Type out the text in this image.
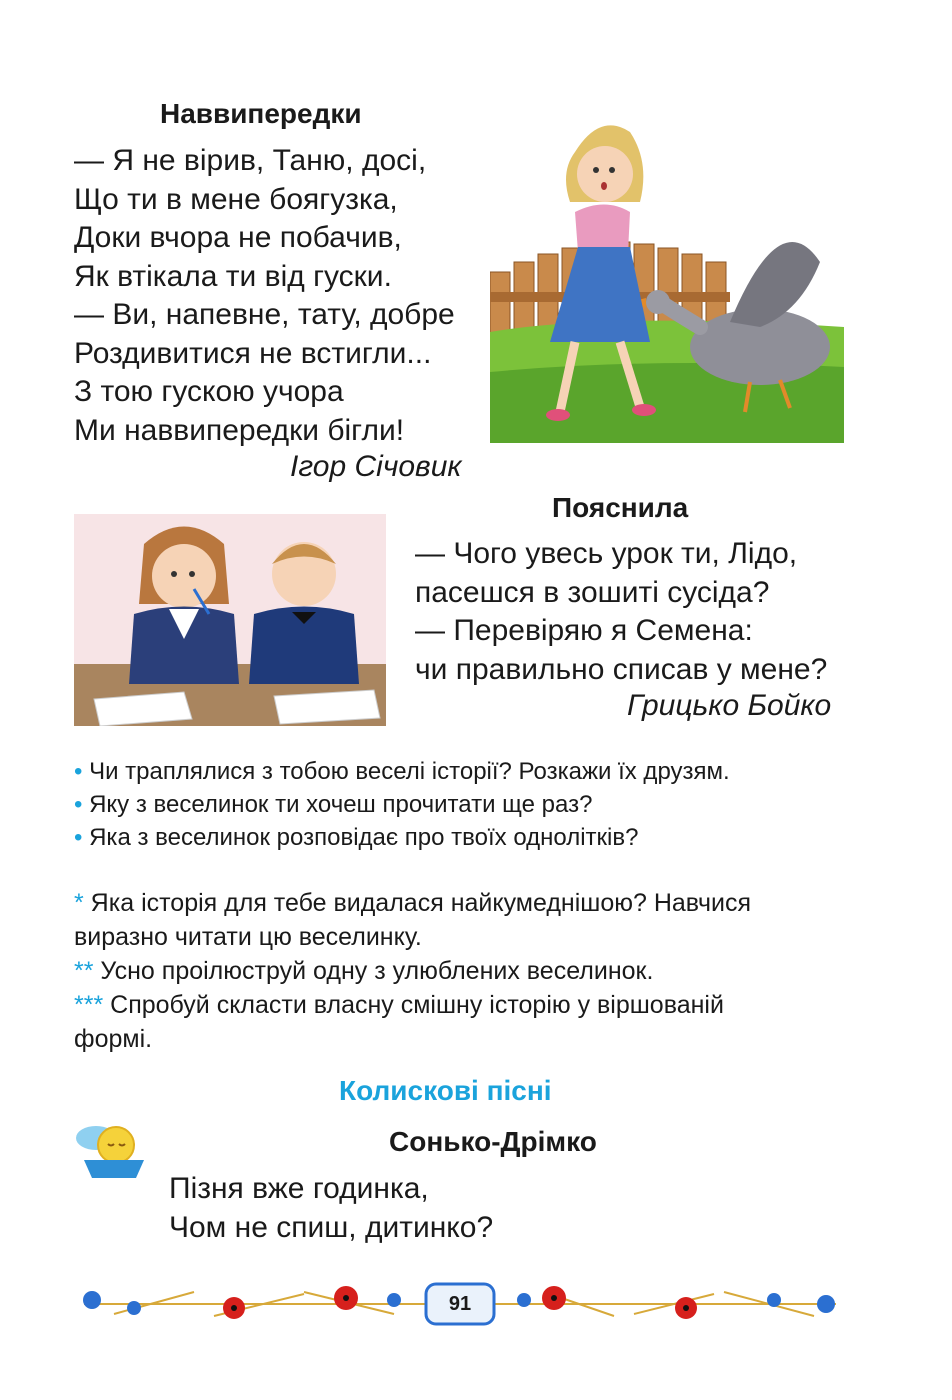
Наввипередки
— Я не вірив, Таню, досі,
Що ти в мене боягузка,
Доки вчора не побачив,
Як втікала ти від гуски.
— Ви, напевне, тату, добре
Роздивитися не встигли...
З тою гускою учора
Ми наввипередки бігли!
Ігор Січовик
Пояснила
— Чого увесь урок ти, Лідо,
пасешся в зошиті сусіда?
— Перевіряю я Семена:
чи правильно списав у мене?
Грицько Бойко
• Чи траплялися з тобою веселі історії? Розкажи їх друзям.
• Яку з веселинок ти хочеш прочитати ще раз?
• Яка з веселинок розповідає про твоїх однолітків?
* Яка історія для тебе видалася найкумеднішою? Навчися
виразно читати цю веселинку.
** Усно проілюструй одну з улюблених веселинок.
*** Спробуй скласти власну смішну історію у віршованій
формі.
Колискові пісні
Сонько-Дрімко
Пізня вже годинка,
Чом не спиш, дитинко?
91
